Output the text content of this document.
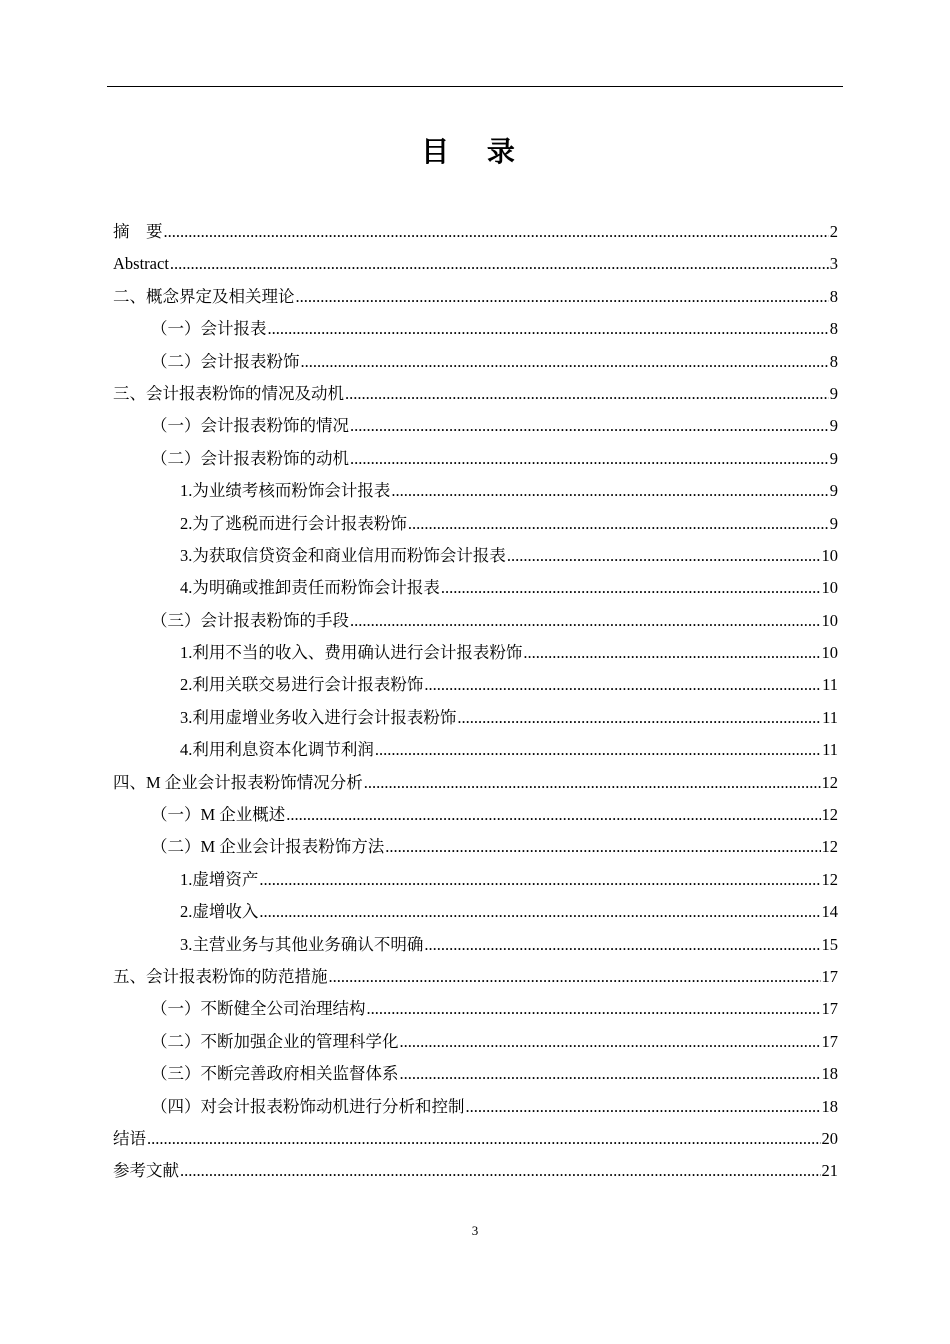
目 录
摘　要 .....	2
Abstract .....	3
二、概念界定及相关理论 .....	8
（一）会计报表 .....	8
（二）会计报表粉饰 .....	8
三、会计报表粉饰的情况及动机 .....	9
（一）会计报表粉饰的情况 .....	9
（二）会计报表粉饰的动机 .....	9
1.为业绩考核而粉饰会计报表 .....	9
2.为了逃税而进行会计报表粉饰 .....	9
3.为获取信贷资金和商业信用而粉饰会计报表 .....	10
4.为明确或推卸责任而粉饰会计报表 .....	10
（三）会计报表粉饰的手段 .....	10
1.利用不当的收入、费用确认进行会计报表粉饰 .....	10
2.利用关联交易进行会计报表粉饰 .....	11
3.利用虚增业务收入进行会计报表粉饰 .....	11
4.利用利息资本化调节利润 .....	11
四、M 企业会计报表粉饰情况分析 .....	12
（一）M 企业概述 .....	12
（二）M 企业会计报表粉饰方法 .....	12
1.虚增资产 .....	12
2.虚增收入 .....	14
3.主营业务与其他业务确认不明确 .....	15
五、会计报表粉饰的防范措施 .....	17
（一）不断健全公司治理结构 .....	17
（二）不断加强企业的管理科学化 .....	17
（三）不断完善政府相关监督体系 .....	18
（四）对会计报表粉饰动机进行分析和控制 .....	18
结语 .....	20
参考文献 .....	21
3
